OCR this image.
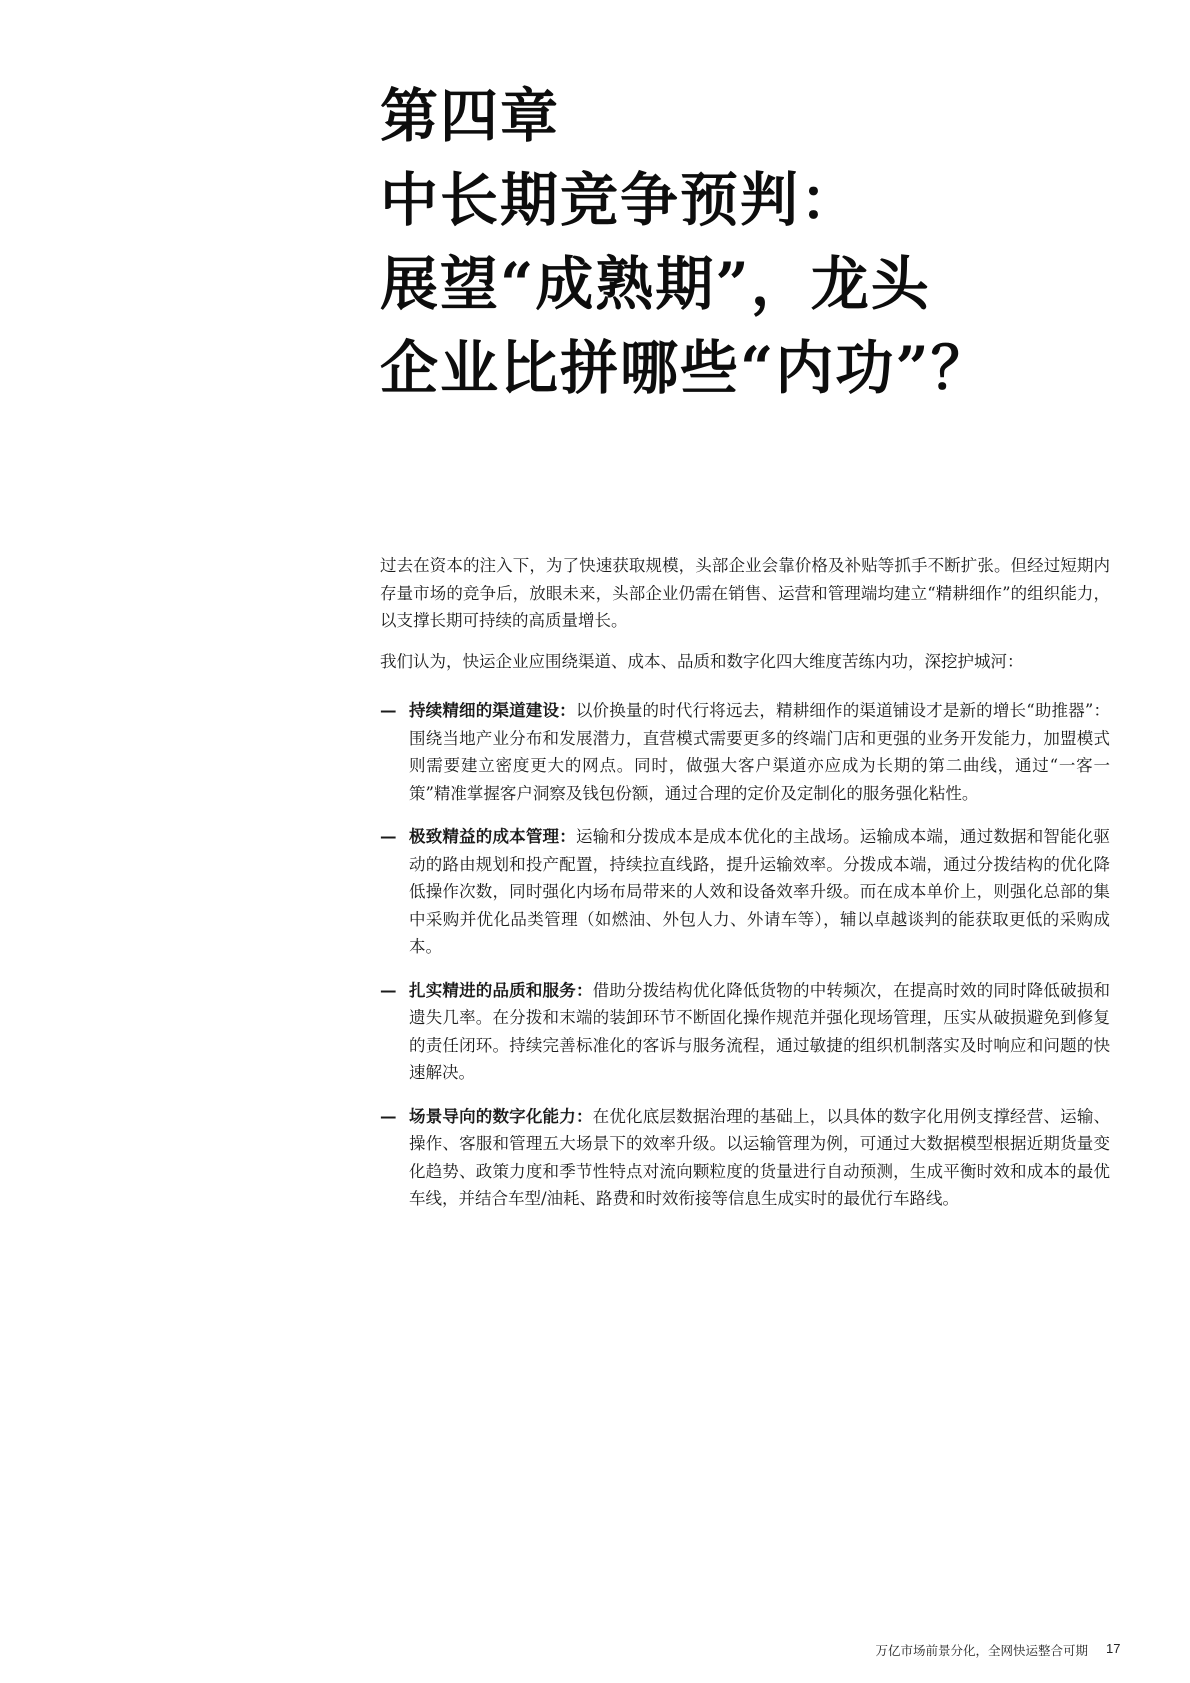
第四章
中长期竞争预判：
展望“成熟期”，龙头
企业比拼哪些“内功”？

过去在资本的注入下，为了快速获取规模，头部企业会靠价格及补贴等抓手不断扩张。但经过短期内存量市场的竞争后，放眼未来，头部企业仍需在销售、运营和管理端均建立“精耕细作”的组织能力，以支撑长期可持续的高质量增长。

我们认为，快运企业应围绕渠道、成本、品质和数字化四大维度苦练内功，深挖护城河：

— 持续精细的渠道建设：以价换量的时代行将远去，精耕细作的渠道铺设才是新的增长“助推器”：围绕当地产业分布和发展潜力，直营模式需要更多的终端门店和更强的业务开发能力，加盟模式则需要建立密度更大的网点。同时，做强大客户渠道亦应成为长期的第二曲线，通过“一客一策”精准掌握客户洞察及钱包份额，通过合理的定价及定制化的服务强化粘性。
— 极致精益的成本管理：运输和分拨成本是成本优化的主战场。运输成本端，通过数据和智能化驱动的路由规划和投产配置，持续拉直线路，提升运输效率。分拨成本端，通过分拨结构的优化降低操作次数，同时强化内场布局带来的人效和设备效率升级。而在成本单价上，则强化总部的集中采购并优化品类管理（如燃油、外包人力、外请车等），辅以卓越谈判的能获取更低的采购成本。
— 扎实精进的品质和服务：借助分拨结构优化降低货物的中转频次，在提高时效的同时降低破损和遗失几率。在分拨和末端的装卸环节不断固化操作规范并强化现场管理，压实从破损避免到修复的责任闭环。持续完善标准化的客诉与服务流程，通过敏捷的组织机制落实及时响应和问题的快速解决。
— 场景导向的数字化能力：在优化底层数据治理的基础上，以具体的数字化用例支撑经营、运输、操作、客服和管理五大场景下的效率升级。以运输管理为例，可通过大数据模型根据近期货量变化趋势、政策力度和季节性特点对流向颗粒度的货量进行自动预测，生成平衡时效和成本的最优车线，并结合车型/油耗、路费和时效衔接等信息生成实时的最优行车路线。
万亿市场前景分化，全网快运整合可期 17
